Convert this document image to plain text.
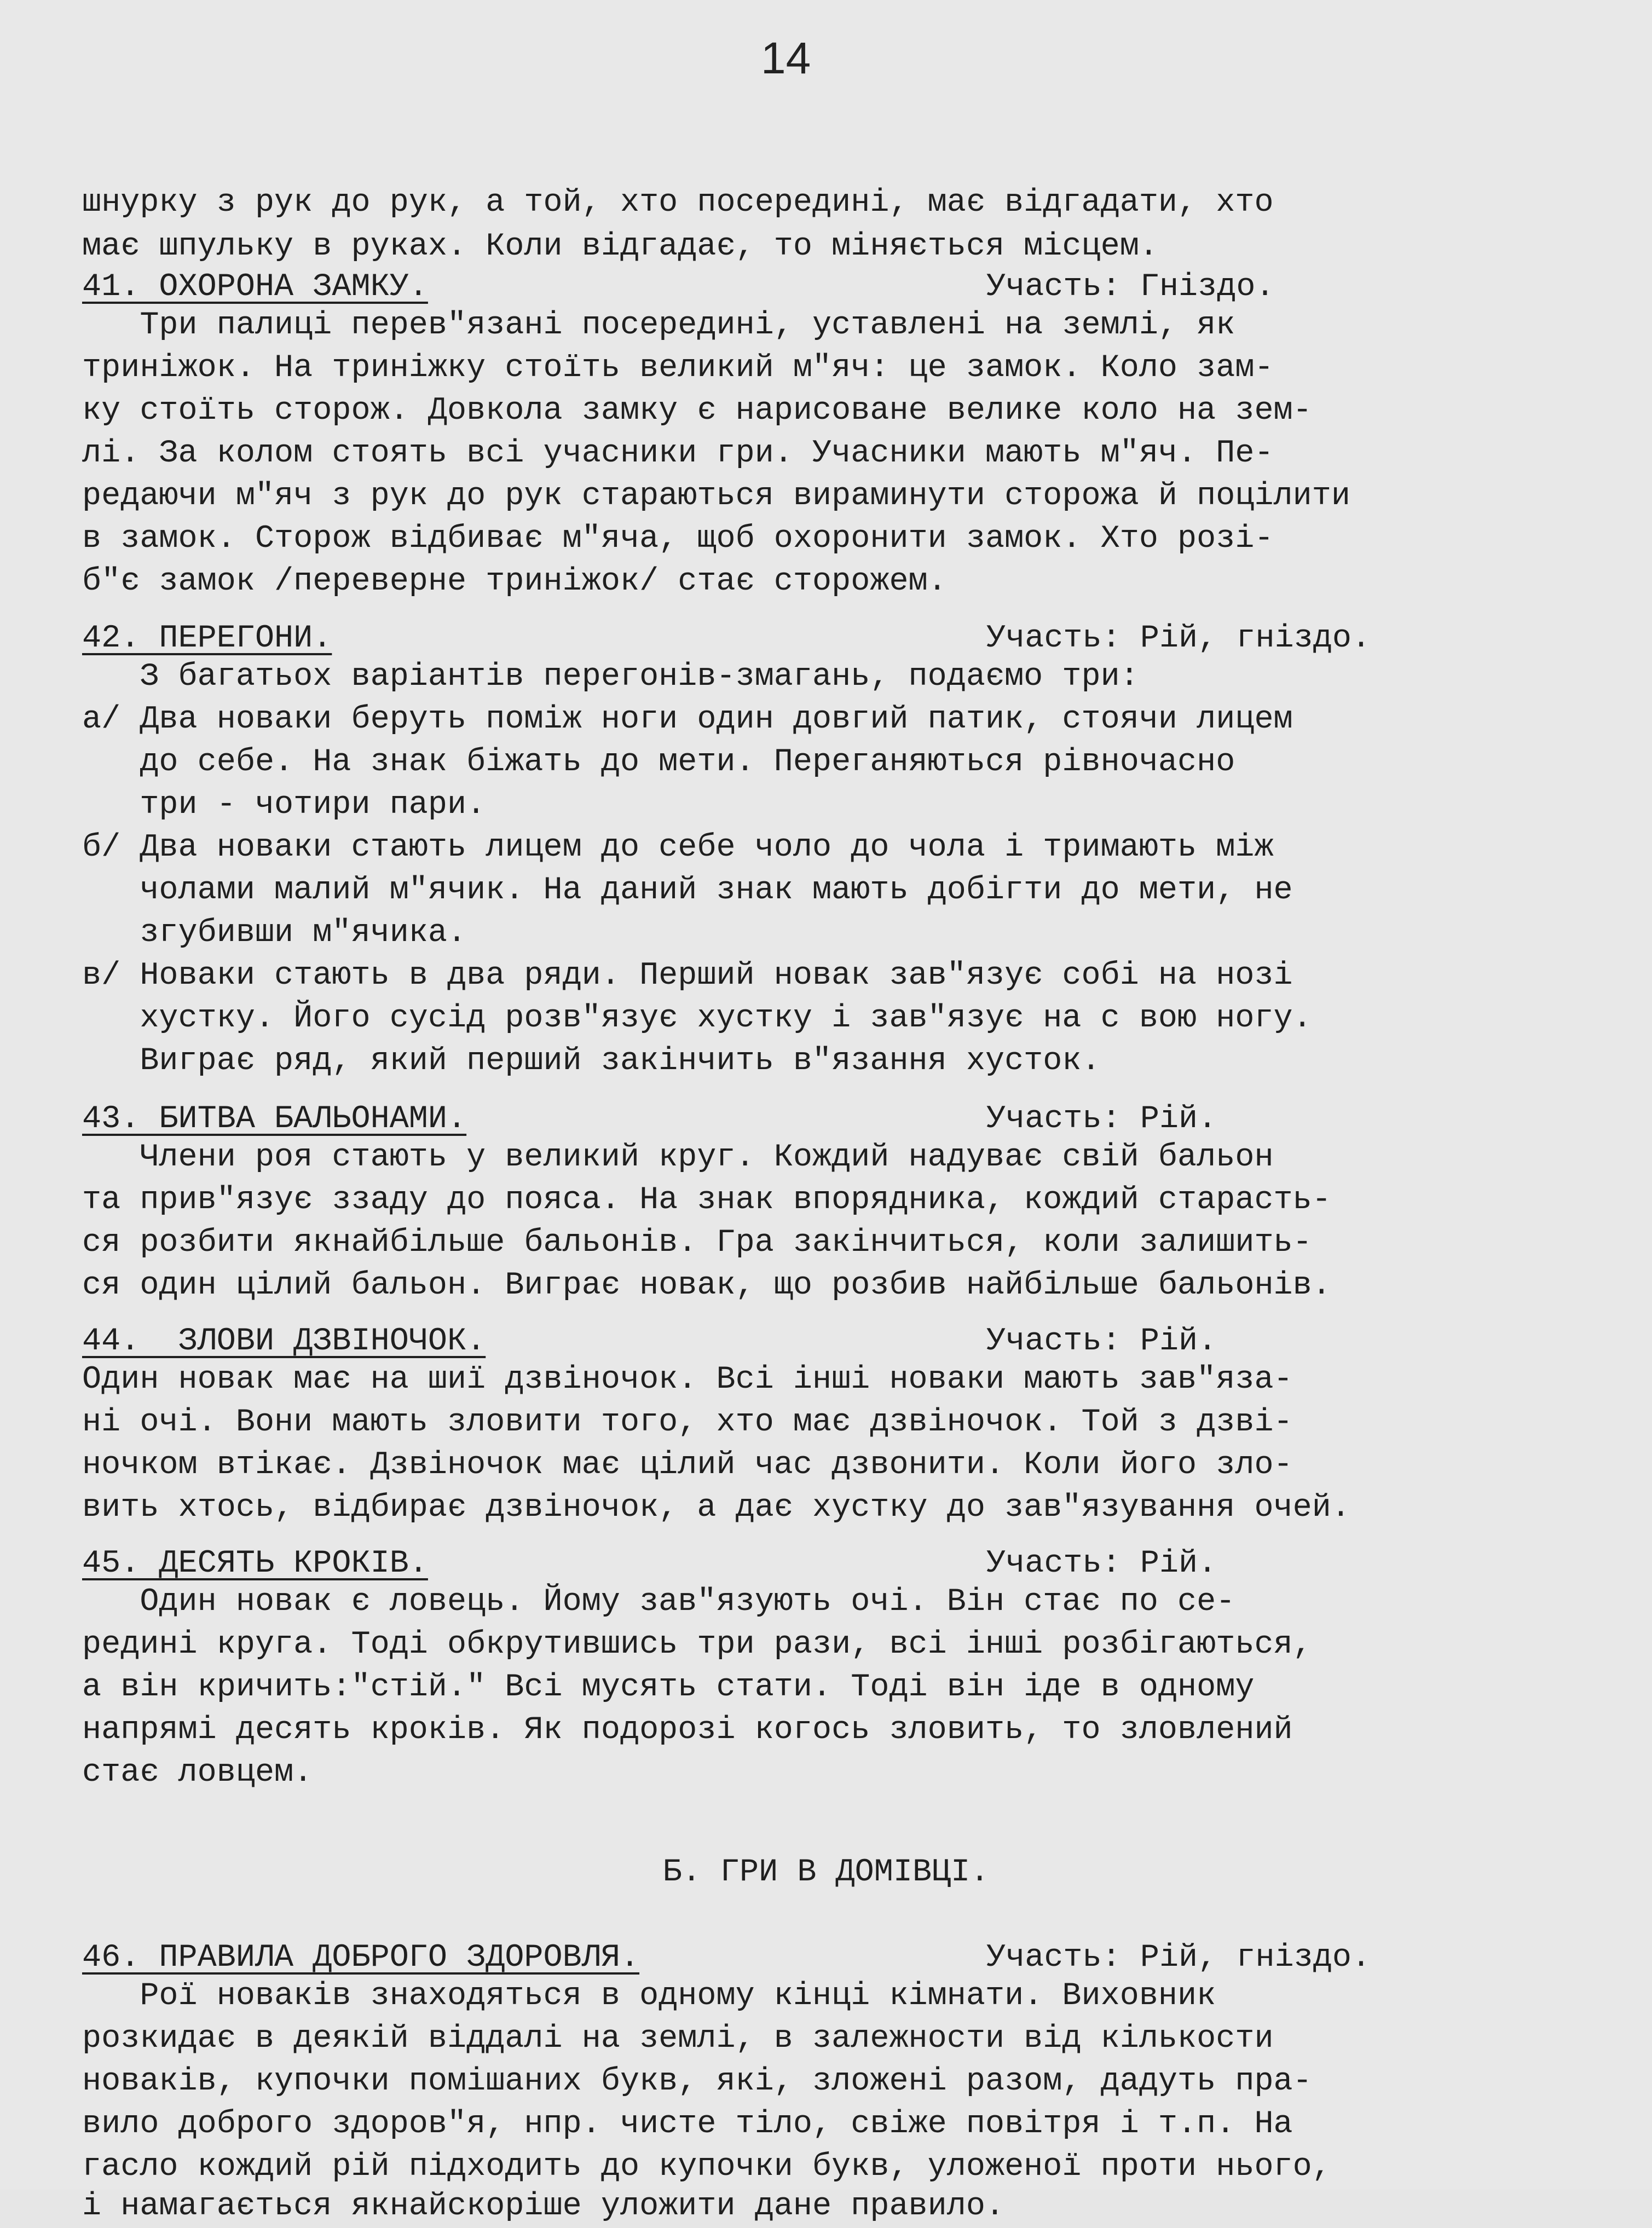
14
шнурку з рук до рук, а той, хто посередині, має відгадати, хто
має шпульку в руках. Коли відгадає, то міняється місцем.
41. ОХОРОНА ЗАМКУ.	Участь: Гніздо.
Три палиці перев"язані посередині, уставлені на землі, як
триніжок. На триніжку стоїть великий м"яч: це замок. Коло зам-
ку стоїть сторож. Довкола замку є нарисоване велике коло на зем-
лі. За колом стоять всі учасники гри. Учасники мають м"яч. Пе-
редаючи м"яч з рук до рук стараються вираминути сторожа й поцілити
в замок. Сторож відбиває м"яча, щоб охоронити замок. Хто розі-
б"є замок /переверне триніжок/ стає сторожем.
42. ПЕРЕГОНИ.	Участь: Рій, гніздо.
З багатьох варіантів перегонів-змагань, подаємо три:
а/ Два новаки беруть поміж ноги один довгий патик, стоячи лицем
до себе. На знак біжать до мети. Переганяються рівночасно
три - чотири пари.
б/ Два новаки стають лицем до себе чоло до чола і тримають між
чолами малий м"ячик. На даний знак мають добігти до мети, не
згубивши м"ячика.
в/ Новаки стають в два ряди. Перший новак зав"язує собі на нозі
хустку. Його сусід розв"язує хустку і зав"язує на с вою ногу.
Виграє ряд, який перший закінчить в"язання хусток.
43. БИТВА БАЛЬОНАМИ.	Участь: Рій.
Члени роя стають у великий круг. Кождий надуває свій бальон
та прив"язує ззаду до пояса. На знак впорядника, кождий старасть-
ся розбити якнайбільше бальонів. Гра закінчиться, коли залишить-
ся один цілий бальон. Виграє новак, що розбив найбільше бальонів.
44.  ЗЛОВИ ДЗВІНОЧОК.	Участь: Рій.
Один новак має на шиї дзвіночок. Всі інші новаки мають зав"яза-
ні очі. Вони мають зловити того, хто має дзвіночок. Той з дзві-
ночком втікає. Дзвіночок має цілий час дзвонити. Коли його зло-
вить хтось, відбирає дзвіночок, а дає хустку до зав"язування очей.
45. ДЕСЯТЬ КРОКІВ.	Участь: Рій.
Один новак є ловець. Йому зав"язують очі. Він стає по се-
редині круга. Тоді обкрутившись три рази, всі інші розбігаються,
а він кричить:"стій." Всі мусять стати. Тоді він іде в одному
напрямі десять кроків. Як подорозі когось зловить, то зловлений
стає ловцем.
Б. ГРИ В ДОМІВЦІ.
46. ПРАВИЛА ДОБРОГО ЗДОРОВЛЯ.	Участь: Рій, гніздо.
Рої новаків знаходяться в одному кінці кімнати. Виховник
розкидає в деякій віддалі на землі, в залежности від кількости
новаків, купочки помішаних букв, які, зложені разом, дадуть пра-
вило доброго здоров"я, нпр. чисте тіло, свіже повітря і т.п. На
гасло кождий рій підходить до купочки букв, уложеної проти нього,
і намагається якнайскоріше уложити дане правило.
